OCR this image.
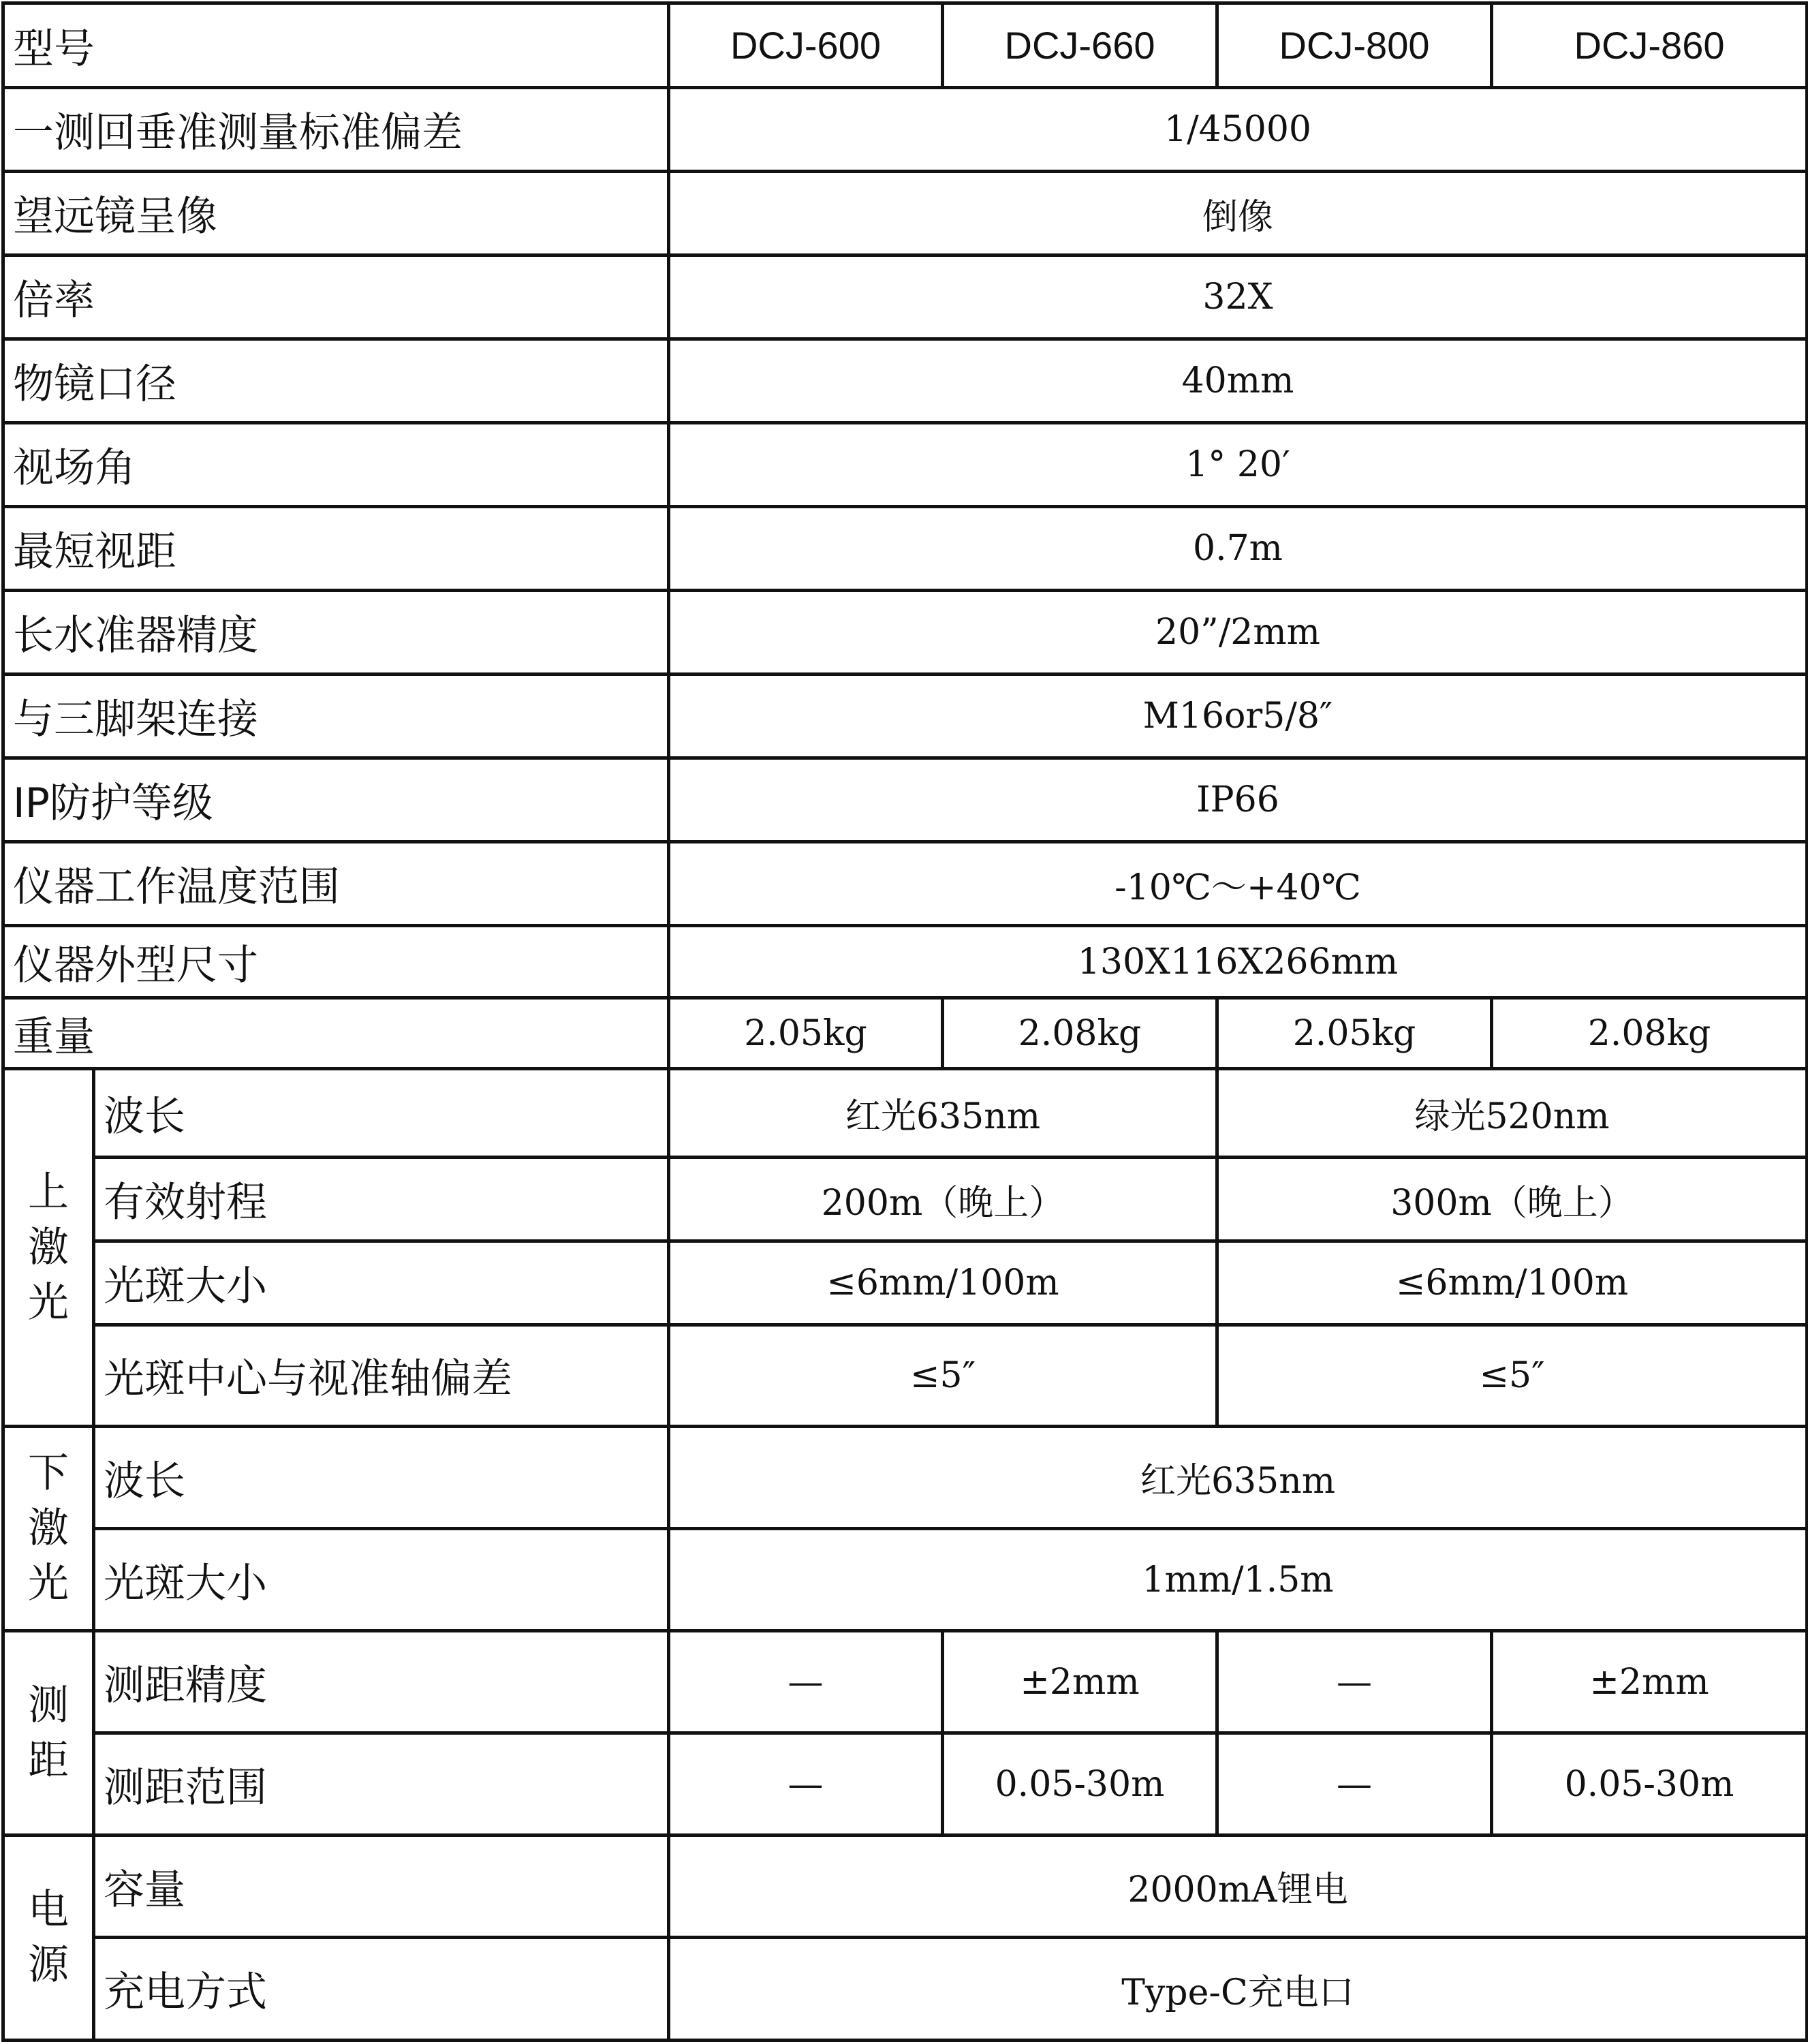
型号		DCJ-600	DCJ-660	DCJ-800	DCJ-860
一测回垂准测量标准偏差		1/45000			
望远镜呈像		倒像			
倍率		32X			
物镜口径		40mm			
视场角		1° 20′			
最短视距		0.7m			
长水准器精度		20”/2mm			
与三脚架连接		M16or5/8″			
IP防护等级		IP66			
仪器工作温度范围		-10℃～+40℃			
仪器外型尺寸		130X116X266mm			
重量		2.05kg	2.08kg	2.05kg	2.08kg
上激光	波长	红光635nm		绿光520nm	
	有效射程	200m（晚上）		300m（晚上）	
	光斑大小	≤6mm/100m		≤6mm/100m	
	光斑中心与视准轴偏差	≤5″		≤5″	
下激光	波长	红光635nm			
	光斑大小	1mm/1.5m			
测距	测距精度	—	±2mm	—	±2mm
	测距范围	—	0.05-30m	—	0.05-30m
电源	容量	2000mA锂电			
	充电方式	Type-C充电口			
